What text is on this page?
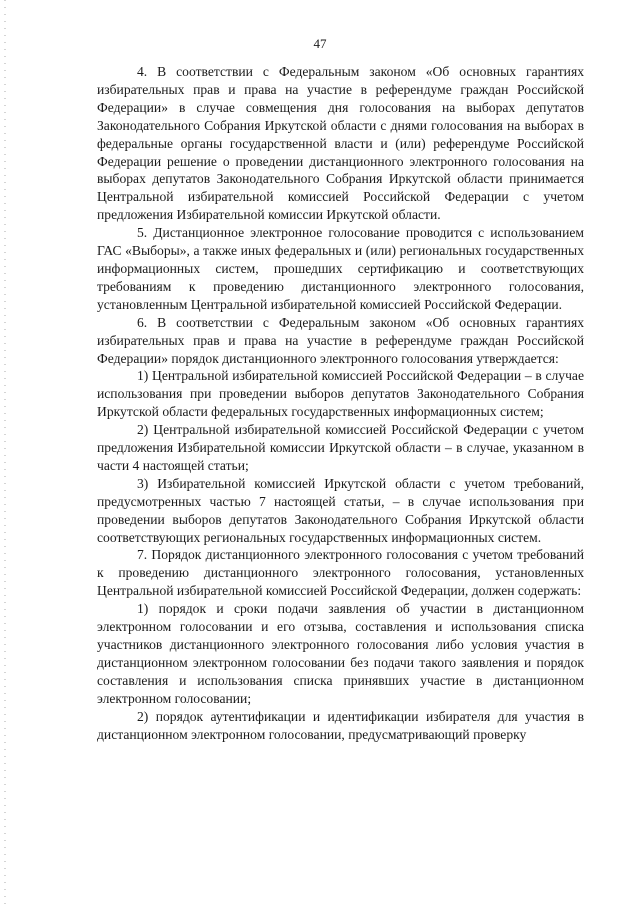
47

4. В соответствии с Федеральным законом «Об основных гарантиях избирательных прав и права на участие в референдуме граждан Российской Федерации» в случае совмещения дня голосования на выборах депутатов Законодательного Собрания Иркутской области с днями голосования на выборах в федеральные органы государственной власти и (или) референдуме Российской Федерации решение о проведении дистанционного электронного голосования на выборах депутатов Законодательного Собрания Иркутской области принимается Центральной избирательной комиссией Российской Федерации с учетом предложения Избирательной комиссии Иркутской области.

5. Дистанционное электронное голосование проводится с использованием ГАС «Выборы», а также иных федеральных и (или) региональных государственных информационных систем, прошедших сертификацию и соответствующих требованиям к проведению дистанционного электронного голосования, установленным Центральной избирательной комиссией Российской Федерации.

6. В соответствии с Федеральным законом «Об основных гарантиях избирательных прав и права на участие в референдуме граждан Российской Федерации» порядок дистанционного электронного голосования утверждается:

1) Центральной избирательной комиссией Российской Федерации – в случае использования при проведении выборов депутатов Законодательного Собрания Иркутской области федеральных государственных информационных систем;

2) Центральной избирательной комиссией Российской Федерации с учетом предложения Избирательной комиссии Иркутской области – в случае, указанном в части 4 настоящей статьи;

3) Избирательной комиссией Иркутской области с учетом требований, предусмотренных частью 7 настоящей статьи, – в случае использования при проведении выборов депутатов Законодательного Собрания Иркутской области соответствующих региональных государственных информационных систем.

7. Порядок дистанционного электронного голосования с учетом требований к проведению дистанционного электронного голосования, установленных Центральной избирательной комиссией Российской Федерации, должен содержать:

1) порядок и сроки подачи заявления об участии в дистанционном электронном голосовании и его отзыва, составления и использования списка участников дистанционного электронного голосования либо условия участия в дистанционном электронном голосовании без подачи такого заявления и порядок составления и использования списка принявших участие в дистанционном электронном голосовании;

2) порядок аутентификации и идентификации избирателя для участия в дистанционном электронном голосовании, предусматривающий проверку
